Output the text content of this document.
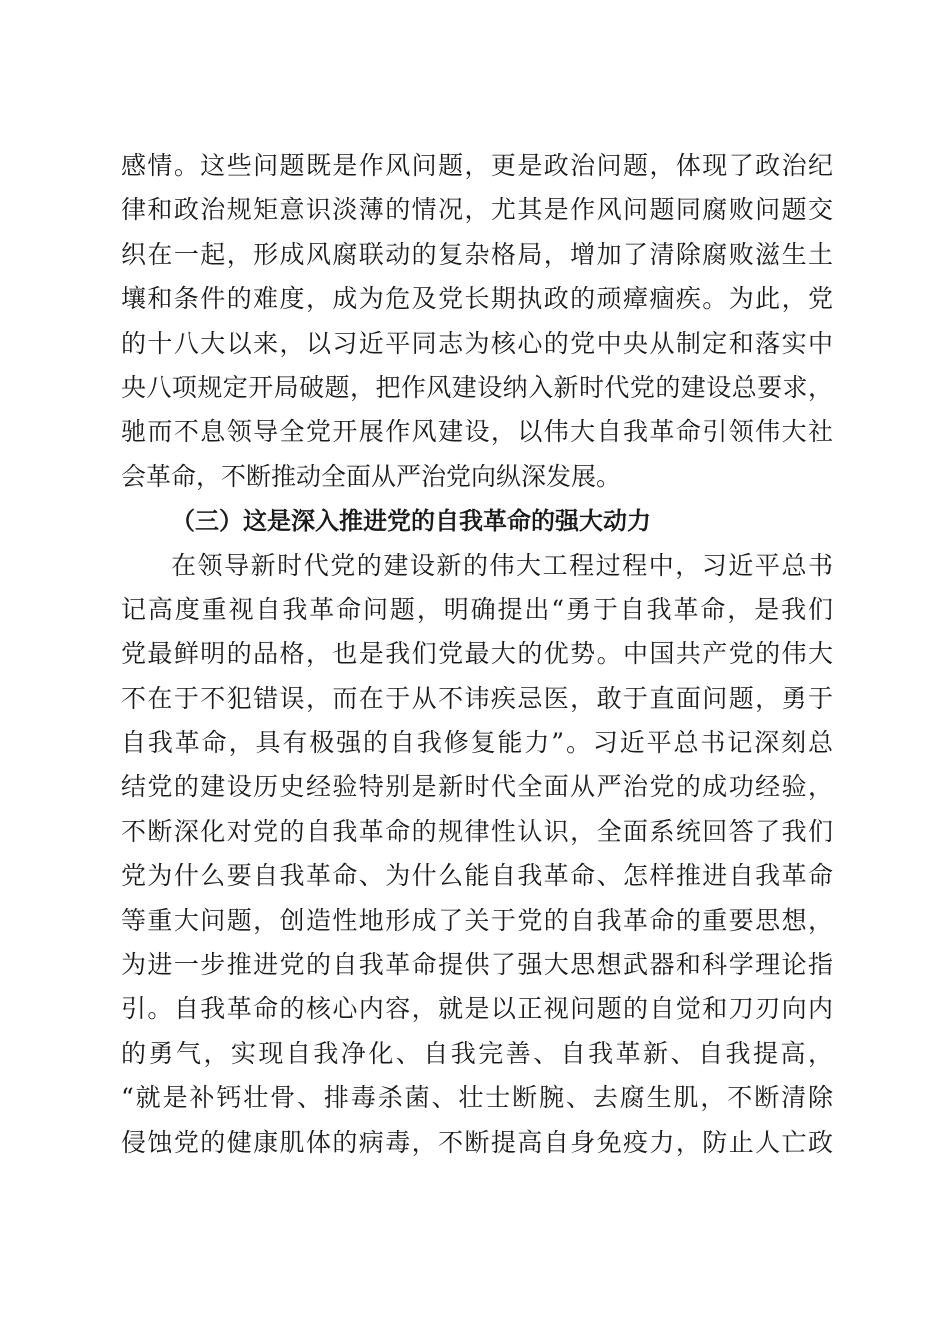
感情。这些问题既是作风问题，更是政治问题，体现了政治纪
律和政治规矩意识淡薄的情况，尤其是作风问题同腐败问题交
织在一起，形成风腐联动的复杂格局，增加了清除腐败滋生土
壤和条件的难度，成为危及党长期执政的顽瘴痼疾。为此，党
的十八大以来，以习近平同志为核心的党中央从制定和落实中
央八项规定开局破题，把作风建设纳入新时代党的建设总要求，
驰而不息领导全党开展作风建设，以伟大自我革命引领伟大社
会革命，不断推动全面从严治党向纵深发展。
（三）这是深入推进党的自我革命的强大动力
在领导新时代党的建设新的伟大工程过程中，习近平总书
记高度重视自我革命问题，明确提出“勇于自我革命，是我们
党最鲜明的品格，也是我们党最大的优势。中国共产党的伟大
不在于不犯错误，而在于从不讳疾忌医，敢于直面问题，勇于
自我革命，具有极强的自我修复能力”。习近平总书记深刻总
结党的建设历史经验特别是新时代全面从严治党的成功经验，
不断深化对党的自我革命的规律性认识，全面系统回答了我们
党为什么要自我革命、为什么能自我革命、怎样推进自我革命
等重大问题，创造性地形成了关于党的自我革命的重要思想，
为进一步推进党的自我革命提供了强大思想武器和科学理论指
引。自我革命的核心内容，就是以正视问题的自觉和刀刃向内
的勇气，实现自我净化、自我完善、自我革新、自我提高，
“就是补钙壮骨、排毒杀菌、壮士断腕、去腐生肌，不断清除
侵蚀党的健康肌体的病毒，不断提高自身免疫力，防止人亡政
